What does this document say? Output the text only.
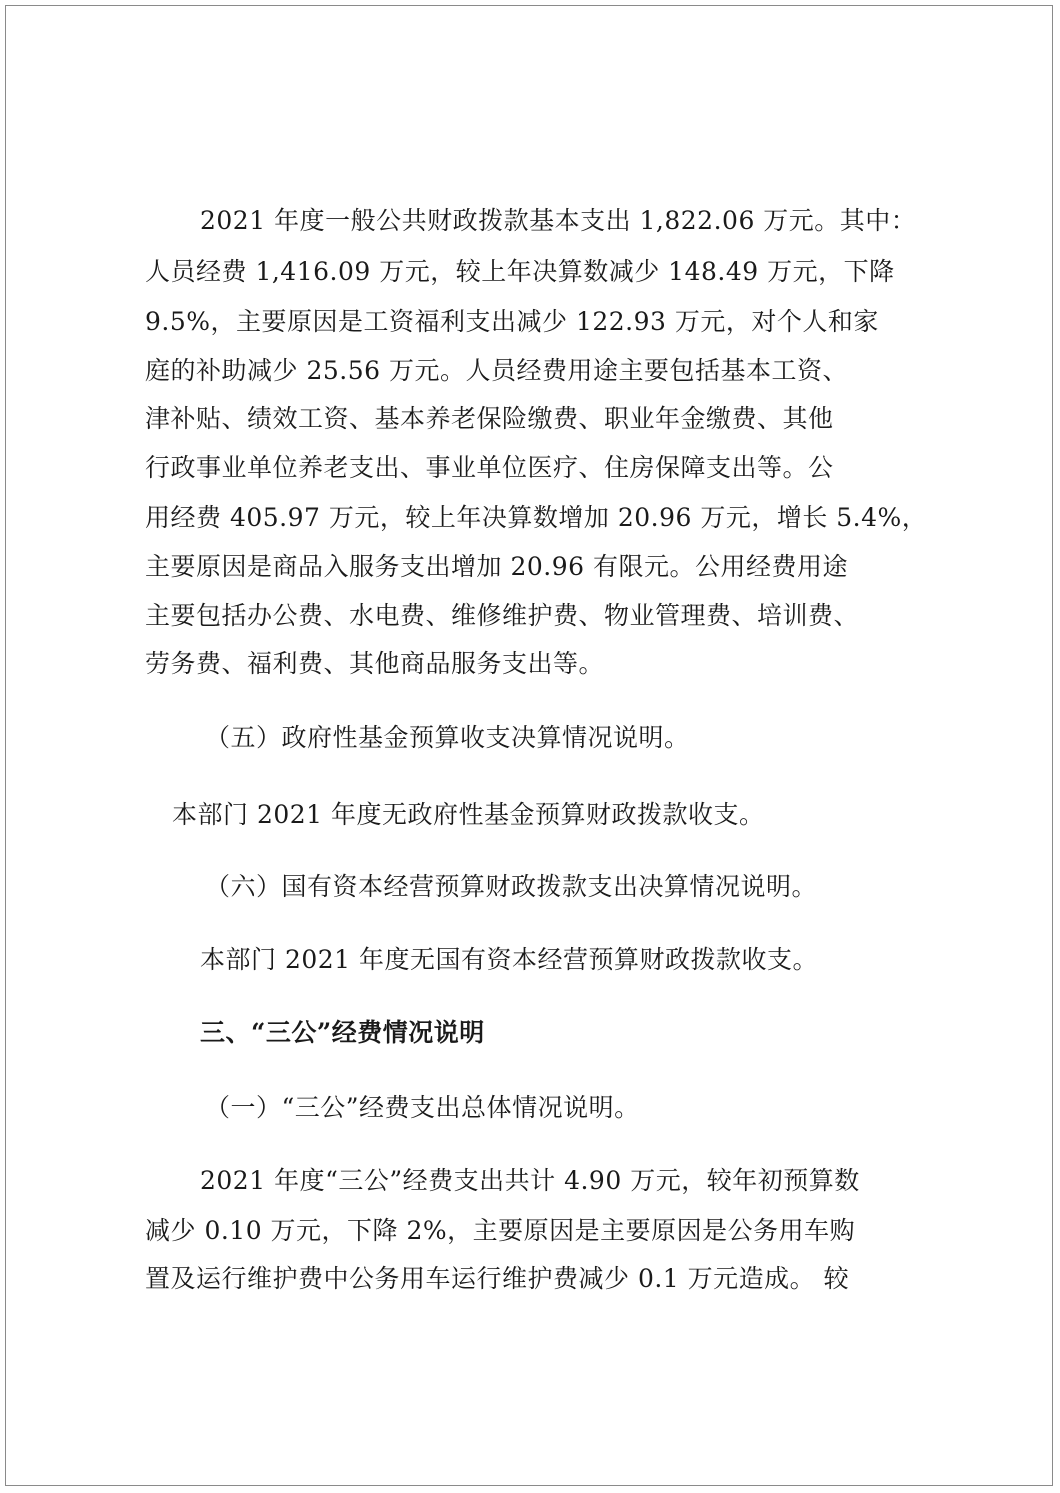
2021 年度一般公共财政拨款基本支出 1,822.06 万元。其中：
人员经费 1,416.09 万元，较上年决算数减少 148.49 万元，下降
9.5%，主要原因是工资福利支出减少 122.93 万元，对个人和家
庭的补助减少 25.56 万元。人员经费用途主要包括基本工资、
津补贴、绩效工资、基本养老保险缴费、职业年金缴费、其他
行政事业单位养老支出、事业单位医疗、住房保障支出等。公
用经费 405.97 万元，较上年决算数增加 20.96 万元，增长 5.4%，
主要原因是商品入服务支出增加 20.96 有限元。公用经费用途
主要包括办公费、水电费、维修维护费、物业管理费、培训费、
劳务费、福利费、其他商品服务支出等。
（五）政府性基金预算收支决算情况说明。
本部门 2021 年度无政府性基金预算财政拨款收支。
（六）国有资本经营预算财政拨款支出决算情况说明。
本部门 2021 年度无国有资本经营预算财政拨款收支。
三、“三公”经费情况说明
（一）“三公”经费支出总体情况说明。
2021 年度“三公”经费支出共计 4.90 万元，较年初预算数
减少 0.10 万元，下降 2%，主要原因是主要原因是公务用车购
置及运行维护费中公务用车运行维护费减少 0.1 万元造成。 较
